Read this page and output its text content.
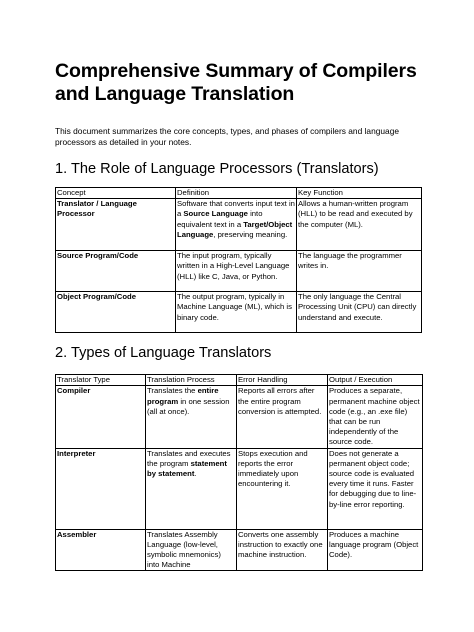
Comprehensive Summary of Compilers and Language Translation

This document summarizes the core concepts, types, and phases of compilers and language processors as detailed in your notes.

1. The Role of Language Processors (Translators)
Concept	Definition	Key Function
Translator / Language Processor	Software that converts input text in a Source Language into equivalent text in a Target/Object Language, preserving meaning.	Allows a human-written program (HLL) to be read and executed by the computer (ML).
Source Program/Code	The input program, typically written in a High-Level Language (HLL) like C, Java, or Python.	The language the programmer writes in.
Object Program/Code	The output program, typically in Machine Language (ML), which is binary code.	The only language the Central Processing Unit (CPU) can directly understand and execute.
2. Types of Language Translators
Translator Type	Translation Process	Error Handling	Output / Execution
Compiler	Translates the entire program in one session (all at once).	Reports all errors after the entire program conversion is attempted.	Produces a separate, permanent machine object code (e.g., an .exe file) that can be run independently of the source code.
Interpreter	Translates and executes the program statement by statement.	Stops execution and reports the error immediately upon encountering it.	Does not generate a permanent object code; source code is evaluated every time it runs. Faster for debugging due to line-by-line error reporting.
Assembler	Translates Assembly Language (low-level, symbolic mnemonics) into Machine	Converts one assembly instruction to exactly one machine instruction.	Produces a machine language program (Object Code).
